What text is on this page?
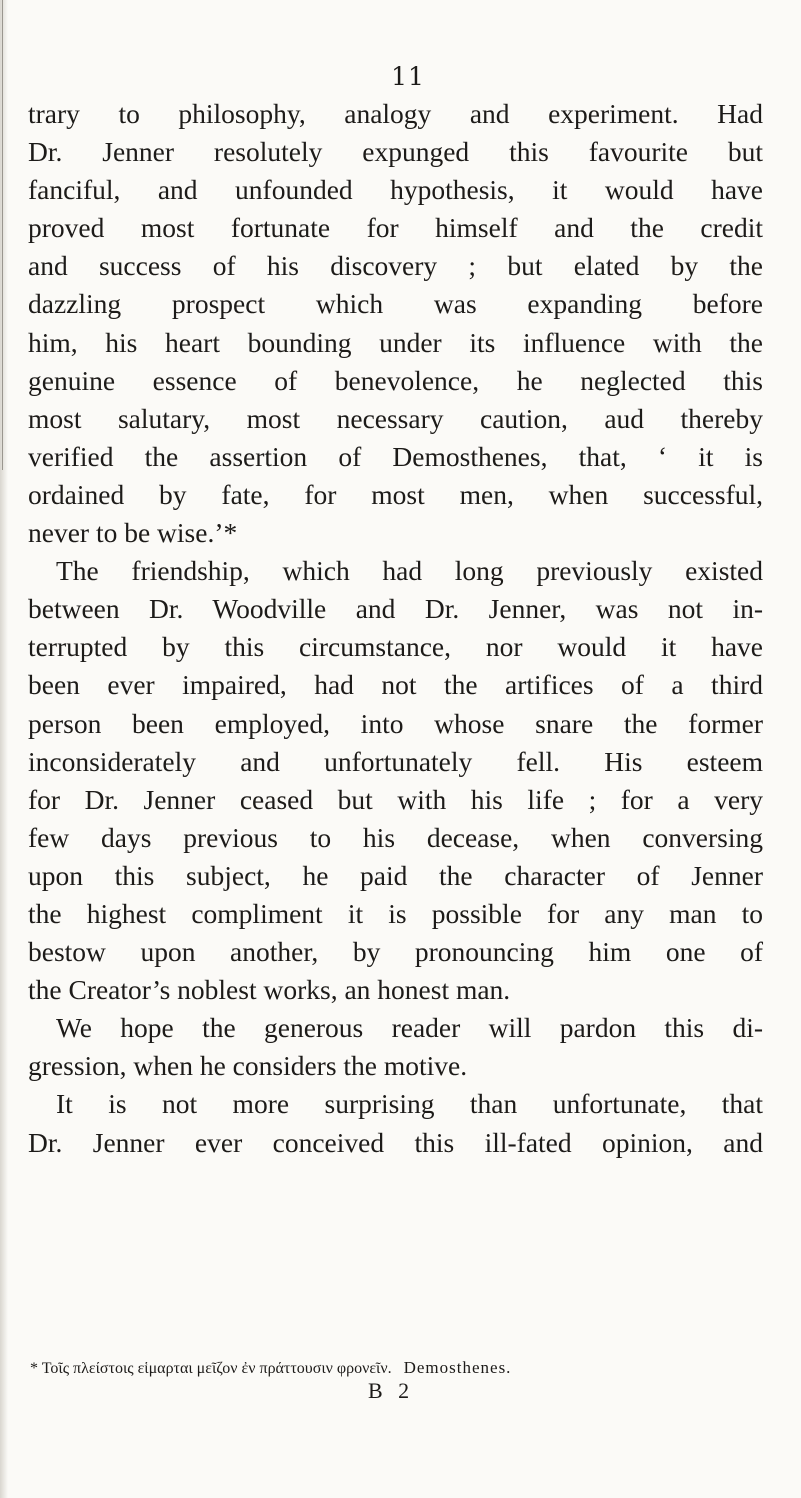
11
trary to philosophy, analogy and experiment. Had
Dr. Jenner resolutely expunged this favourite but
fanciful, and unfounded hypothesis, it would have
proved most fortunate for himself and the credit
and success of his discovery ; but elated by the
dazzling prospect which was expanding before
him, his heart bounding under its influence with the
genuine essence of benevolence, he neglected this
most salutary, most necessary caution, aud thereby
verified the assertion of Demosthenes, that, ‘ it is
ordained by fate, for most men, when successful,
never to be wise.’*
The friendship, which had long previously existed
between Dr. Woodville and Dr. Jenner, was not in-
terrupted by this circumstance, nor would it have
been ever impaired, had not the artifices of a third
person been employed, into whose snare the former
inconsiderately and unfortunately fell. His esteem
for Dr. Jenner ceased but with his life ; for a very
few days previous to his decease, when conversing
upon this subject, he paid the character of Jenner
the highest compliment it is possible for any man to
bestow upon another, by pronouncing him one of
the Creator’s noblest works, an honest man.
We hope the generous reader will pardon this di-
gression, when he considers the motive.
It is not more surprising than unfortunate, that
Dr. Jenner ever conceived this ill-fated opinion, and
* Τοῖς πλείστοις εἱμαρται μεῖζον ἐν πράττουσιν φρονεῖν. Demosthenes.
B 2
